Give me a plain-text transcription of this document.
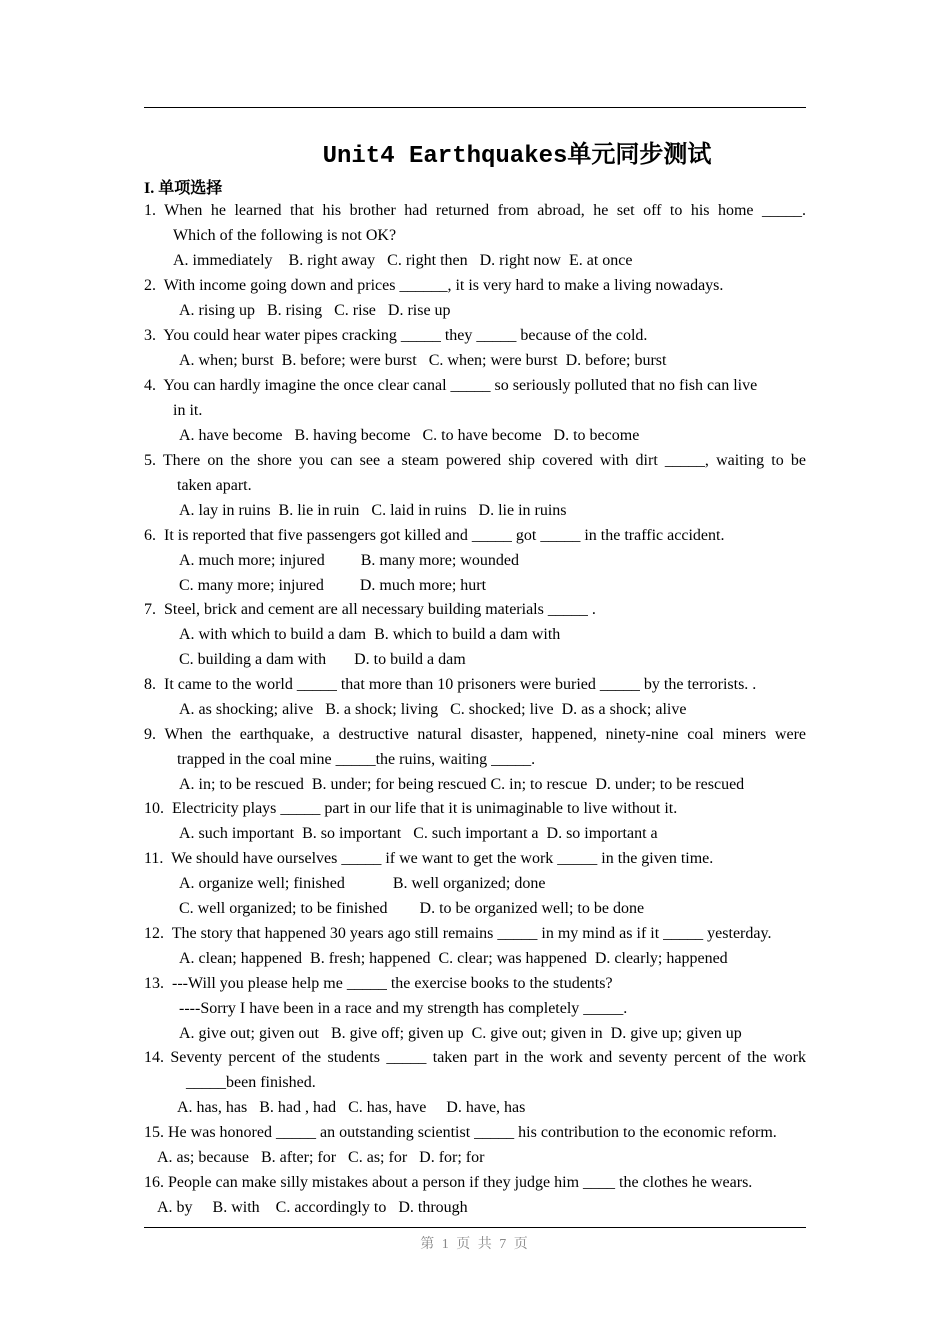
Unit4 Earthquakes单元同步测试
I. 单项选择
1. When he learned that his brother had returned from abroad, he set off to his home _____.
Which of the following is not OK?
A. immediately    B. right away   C. right then   D. right now  E. at once
2.  With income going down and prices ______, it is very hard to make a living nowadays.
A. rising up   B. rising   C. rise   D. rise up
3.  You could hear water pipes cracking _____ they _____ because of the cold.
A. when; burst  B. before; were burst   C. when; were burst  D. before; burst
4.  You can hardly imagine the once clear canal _____ so seriously polluted that no fish can live
in it.
A. have become   B. having become   C. to have become   D. to become
5. There on the shore you can see a steam powered ship covered with dirt _____, waiting to be
taken apart.
A. lay in ruins  B. lie in ruin   C. laid in ruins   D. lie in ruins
6.  It is reported that five passengers got killed and _____ got _____ in the traffic accident.
A. much more; injured         B. many more; wounded
C. many more; injured         D. much more; hurt
7.  Steel, brick and cement are all necessary building materials _____ .
A. with which to build a dam  B. which to build a dam with
C. building a dam with       D. to build a dam
8.  It came to the world _____ that more than 10 prisoners were buried _____ by the terrorists. .
A. as shocking; alive   B. a shock; living   C. shocked; live  D. as a shock; alive
9. When the earthquake, a destructive natural disaster, happened, ninety-nine coal miners were
trapped in the coal mine _____the ruins, waiting _____.
A. in; to be rescued  B. under; for being rescued C. in; to rescue  D. under; to be rescued
10.  Electricity plays _____ part in our life that it is unimaginable to live without it.
A. such important  B. so important   C. such important a  D. so important a
11.  We should have ourselves _____ if we want to get the work _____ in the given time.
A. organize well; finished            B. well organized; done
C. well organized; to be finished        D. to be organized well; to be done
12.  The story that happened 30 years ago still remains _____ in my mind as if it _____ yesterday.
A. clean; happened  B. fresh; happened  C. clear; was happened  D. clearly; happened
13.  ---Will you please help me _____ the exercise books to the students?
----Sorry I have been in a race and my strength has completely _____.
A. give out; given out   B. give off; given up  C. give out; given in  D. give up; given up
14. Seventy percent of the students _____ taken part in the work and seventy percent of the work
_____been finished.
A. has, has   B. had , had   C. has, have     D. have, has
15. He was honored _____ an outstanding scientist _____ his contribution to the economic reform.
A. as; because   B. after; for   C. as; for   D. for; for
16. People can make silly mistakes about a person if they judge him ____ the clothes he wears.
A. by     B. with    C. accordingly to   D. through
第 1 页 共 7 页
